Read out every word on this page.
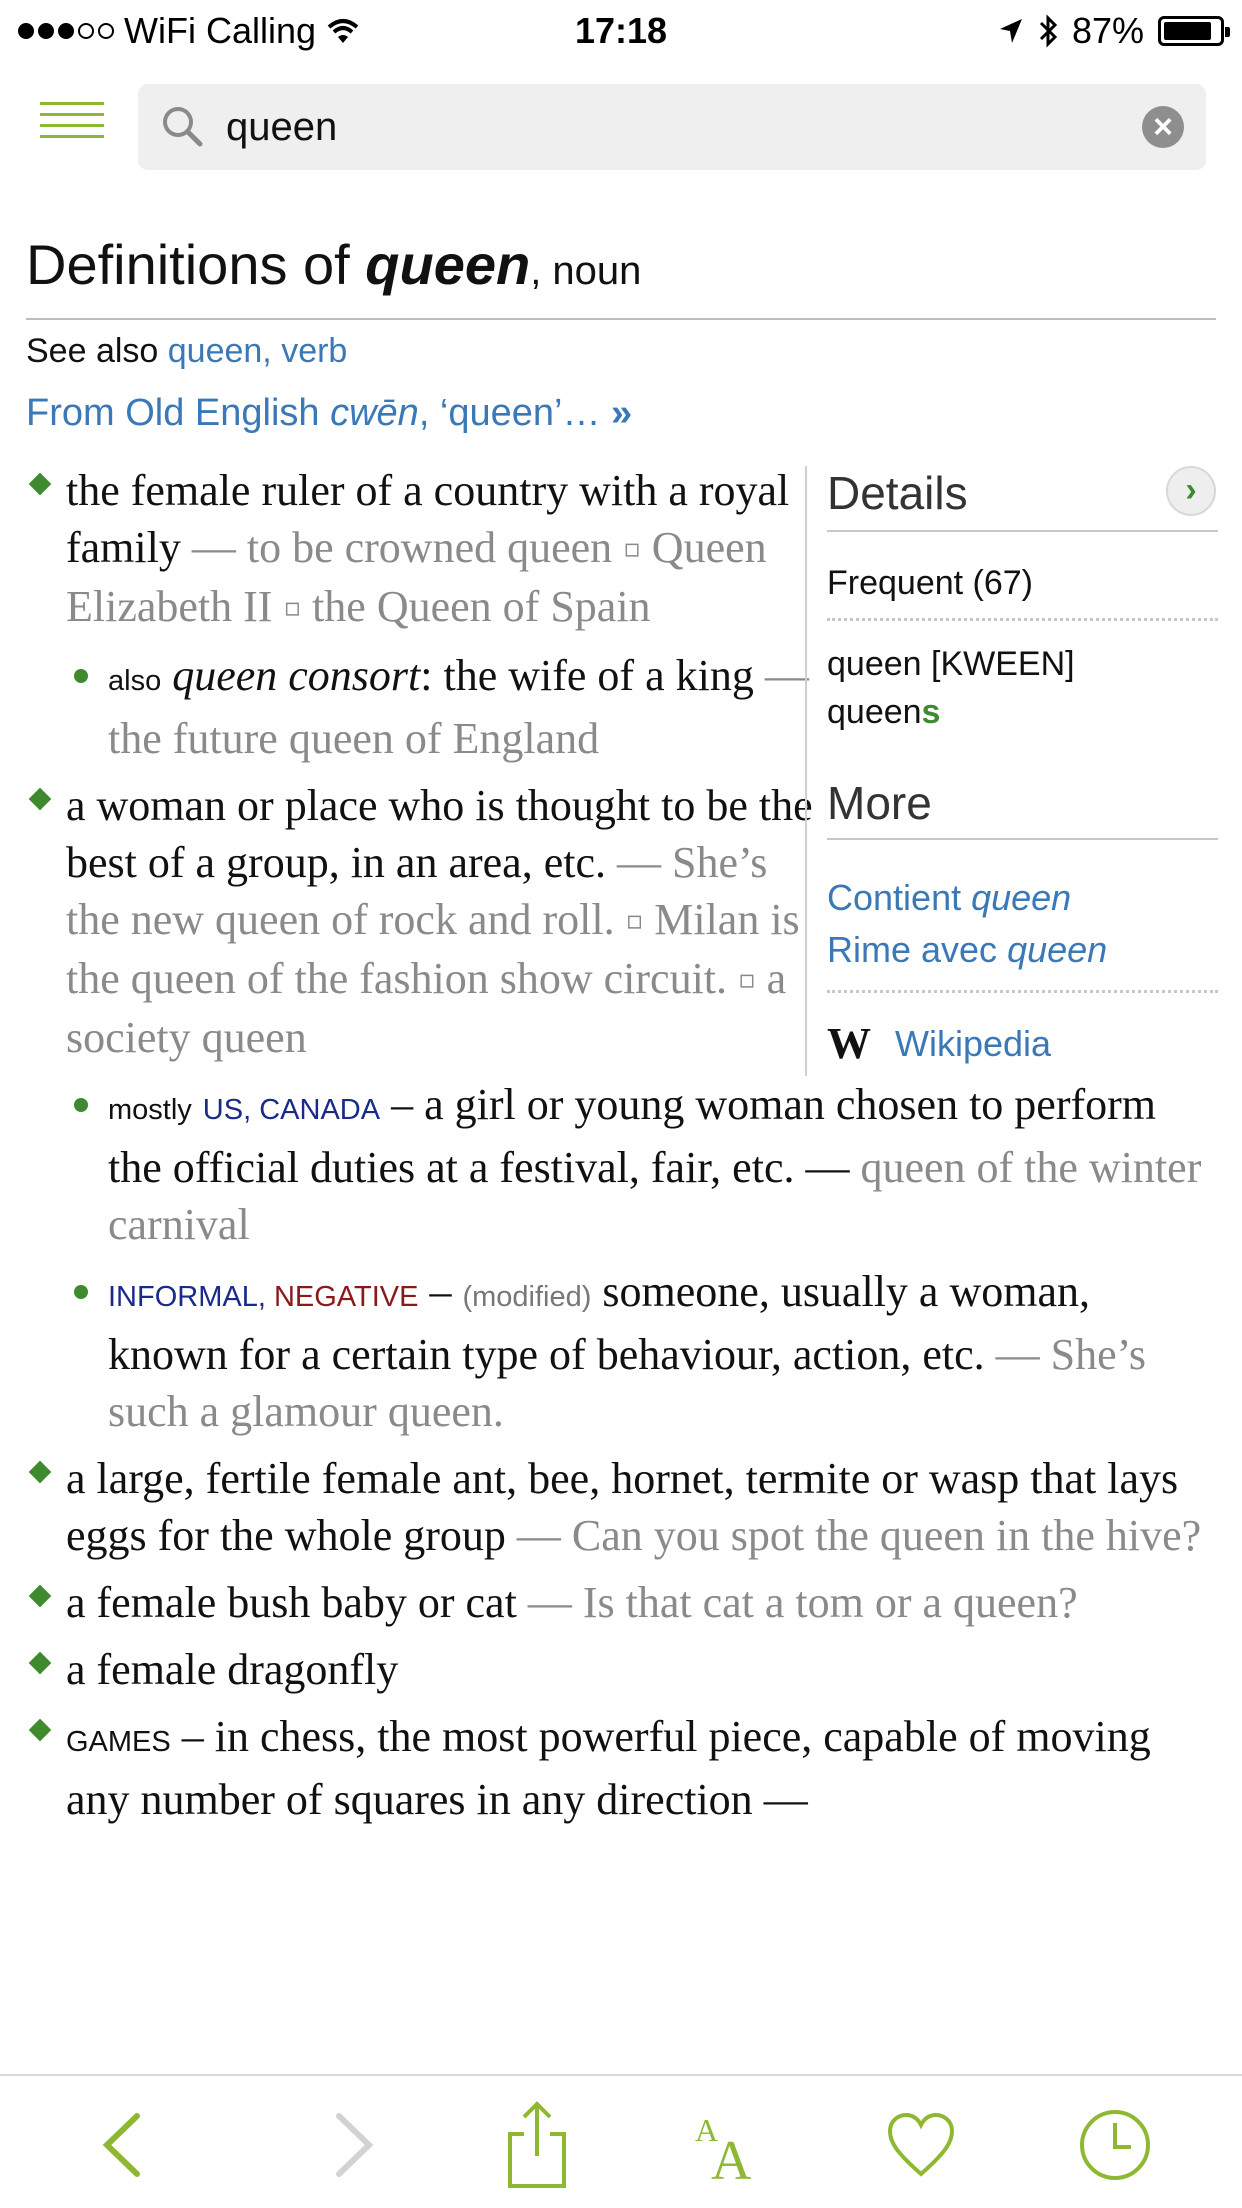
WiFi Calling	17:18	87%
queen
×
Definitions of queen, noun
See also queen, verb
From Old English cwēn, ‘queen’… »
the female ruler of a country with a royal family — to be crowned queen ▫ Queen Elizabeth II ▫ the Queen of Spain
also queen consort: the wife of a king — the future queen of England
a woman or place who is thought to be the best of a group, in an area, etc. — She’s the new queen of rock and roll. ▫ Milan is the queen of the fashion show circuit. ▫ a society queen
mostly US, CANADA – a girl or young woman chosen to perform the official duties at a festival, fair, etc. — queen of the winter carnival
INFORMAL, NEGATIVE – (modified) someone, usually a woman, known for a certain type of behaviour, action, etc. — She’s such a glamour queen.
a large, fertile female ant, bee, hornet, termite or wasp that lays eggs for the whole group — Can you spot the queen in the hive?
a female bush baby or cat — Is that cat a tom or a queen?
a female dragonfly
GAMES – in chess, the most powerful piece, capable of moving any number of squares in any direction —
Details	›
Frequent (67)
queen [KWEEN]
queens
More
Contient queen
Rime avec queen
W Wikipedia
A
A
